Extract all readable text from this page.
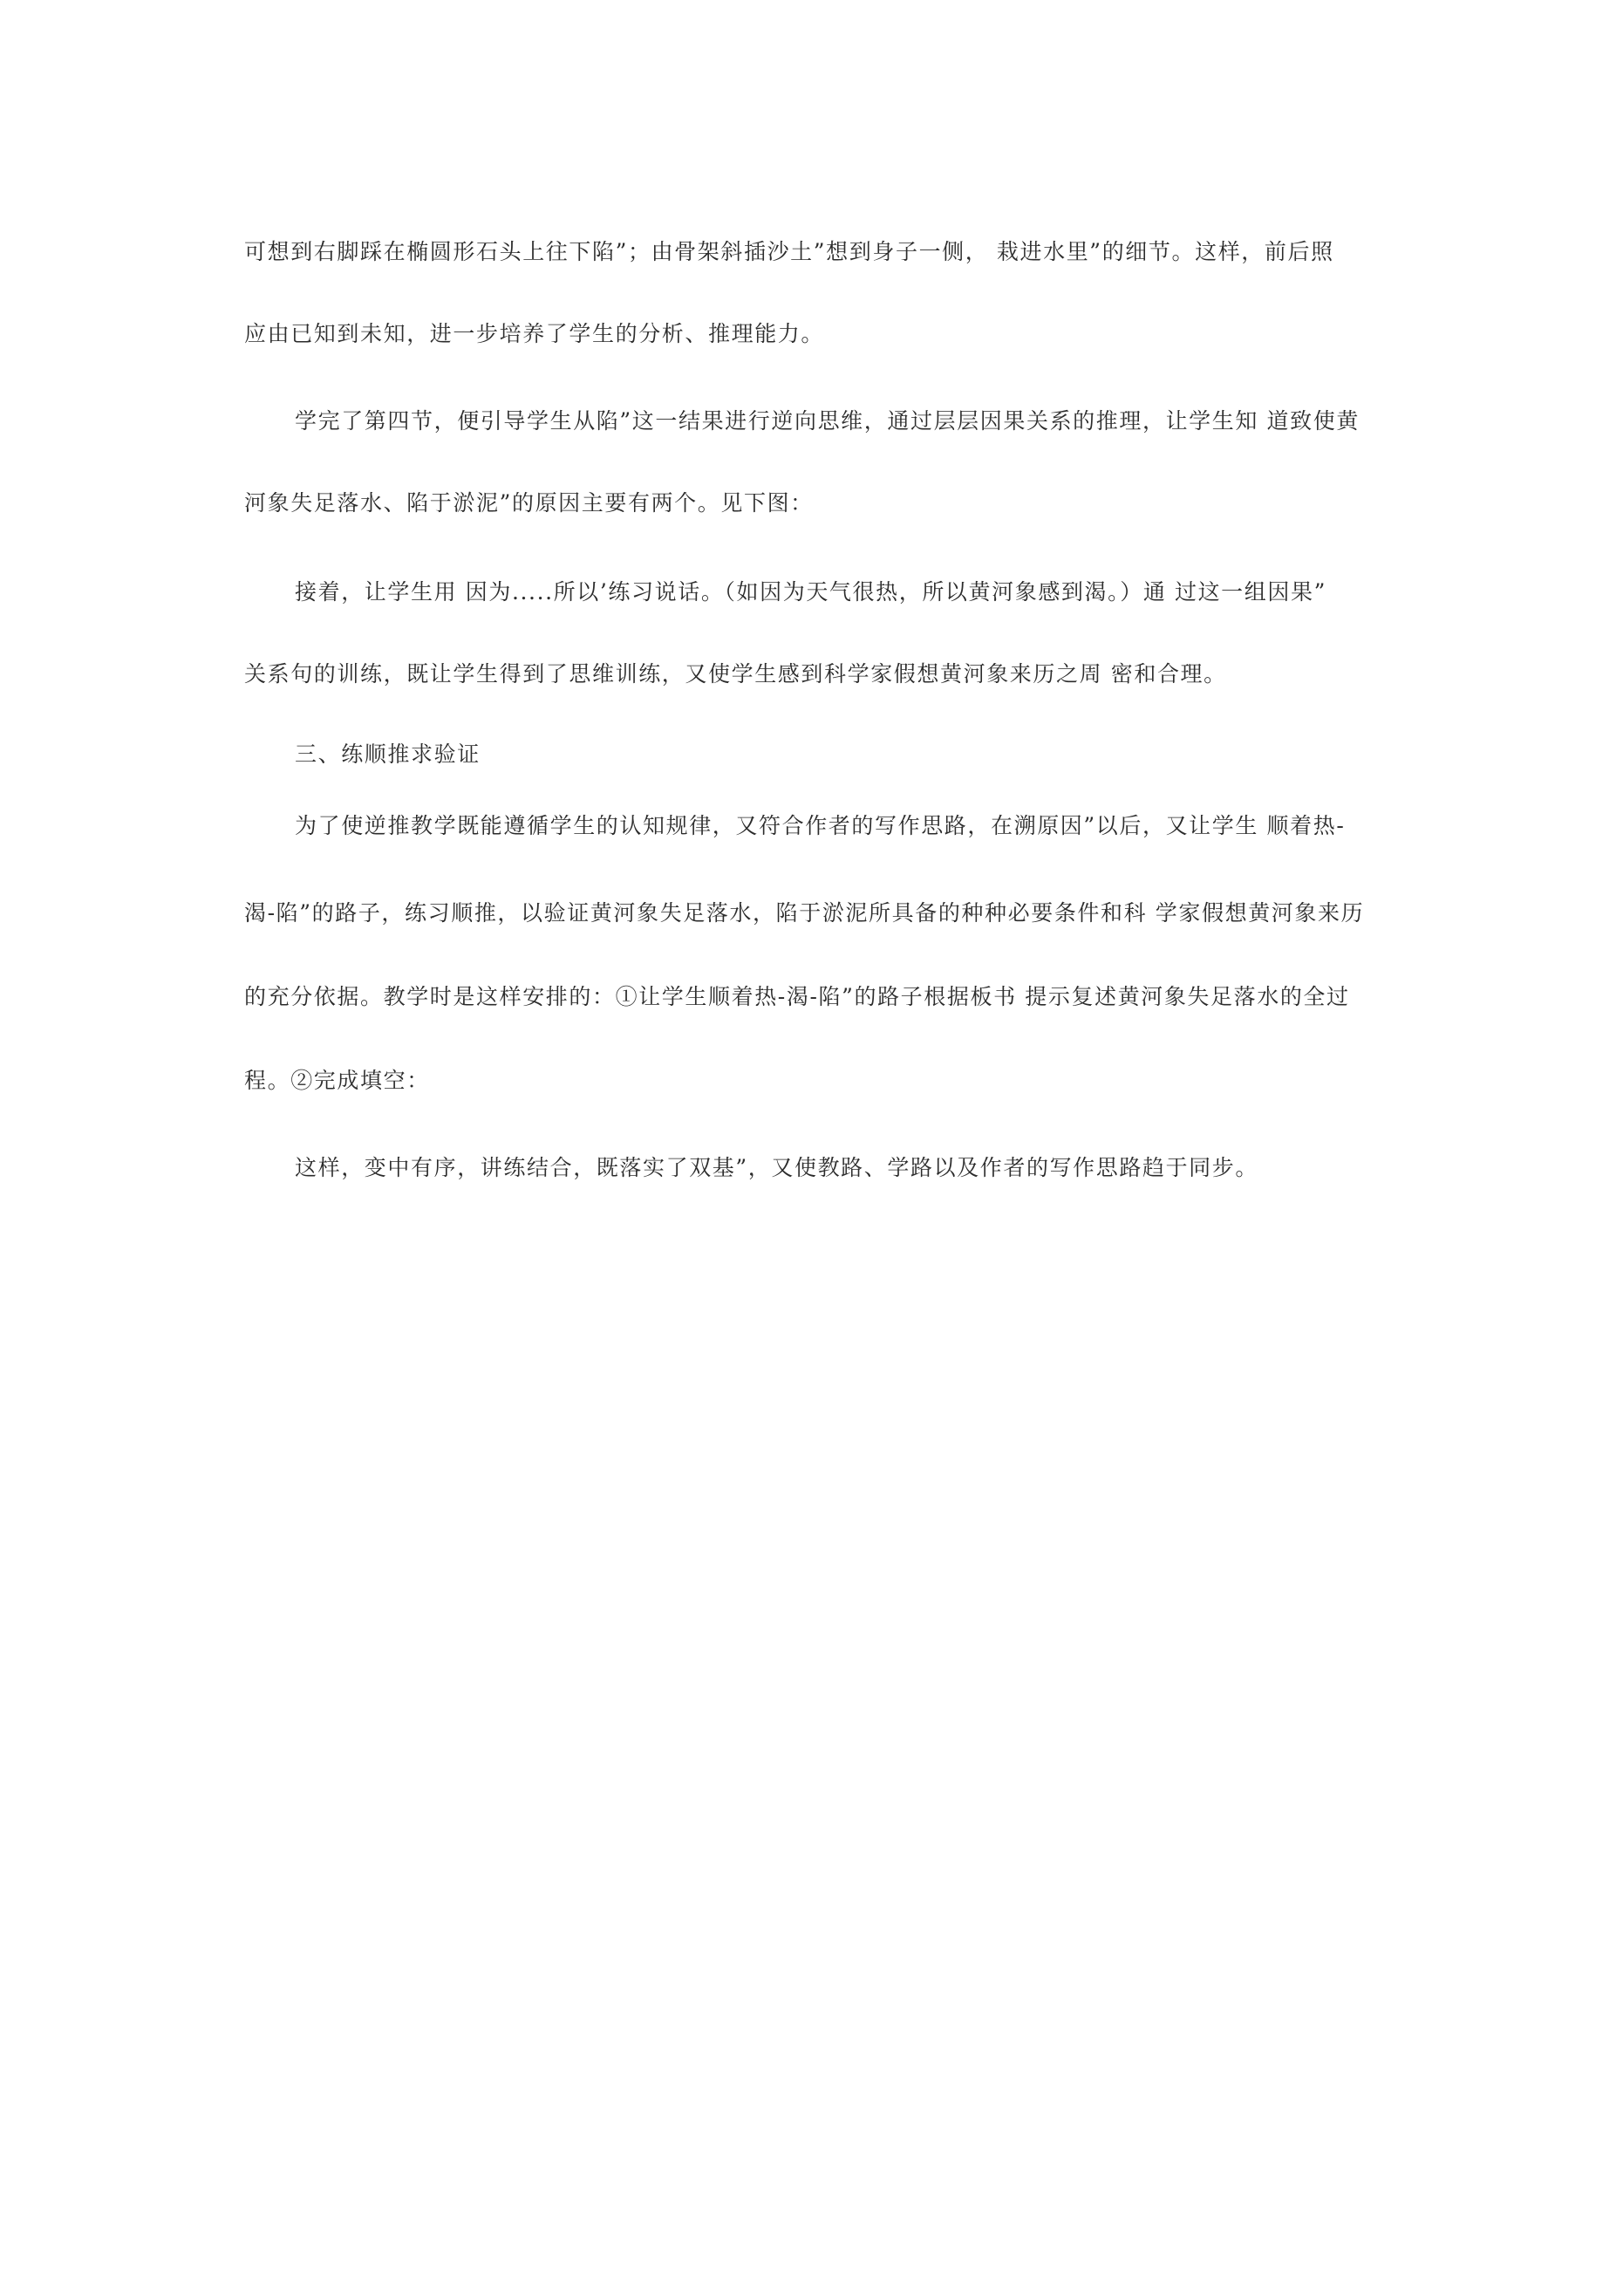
可想到右脚踩在椭圆形石头上往下陷”；由骨架斜插沙土”想到身子一侧， 栽进水里”的细节。这样，前后照
应由已知到未知，进一步培养了学生的分析、推理能力。
学完了第四节，便引导学生从陷”这一结果进行逆向思维，通过层层因果关系的推理，让学生知 道致使黄
河象失足落水、陷于淤泥”的原因主要有两个。见下图：
接着，让学生用 因为.....所以’练习说话。（如因为天气很热，所以黄河象感到渴。）通 过这一组因果”
关系句的训练，既让学生得到了思维训练，又使学生感到科学家假想黄河象来历之周 密和合理。
三、练顺推求验证
为了使逆推教学既能遵循学生的认知规律，又符合作者的写作思路，在溯原因”以后，又让学生 顺着热-
渴-陷”的路子，练习顺推，以验证黄河象失足落水，陷于淤泥所具备的种种必要条件和科 学家假想黄河象来历
的充分依据。教学时是这样安排的：①让学生顺着热-渴-陷”的路子根据板书 提示复述黄河象失足落水的全过
程。②完成填空：
这样，变中有序，讲练结合，既落实了双基”，又使教路、学路以及作者的写作思路趋于同步。
